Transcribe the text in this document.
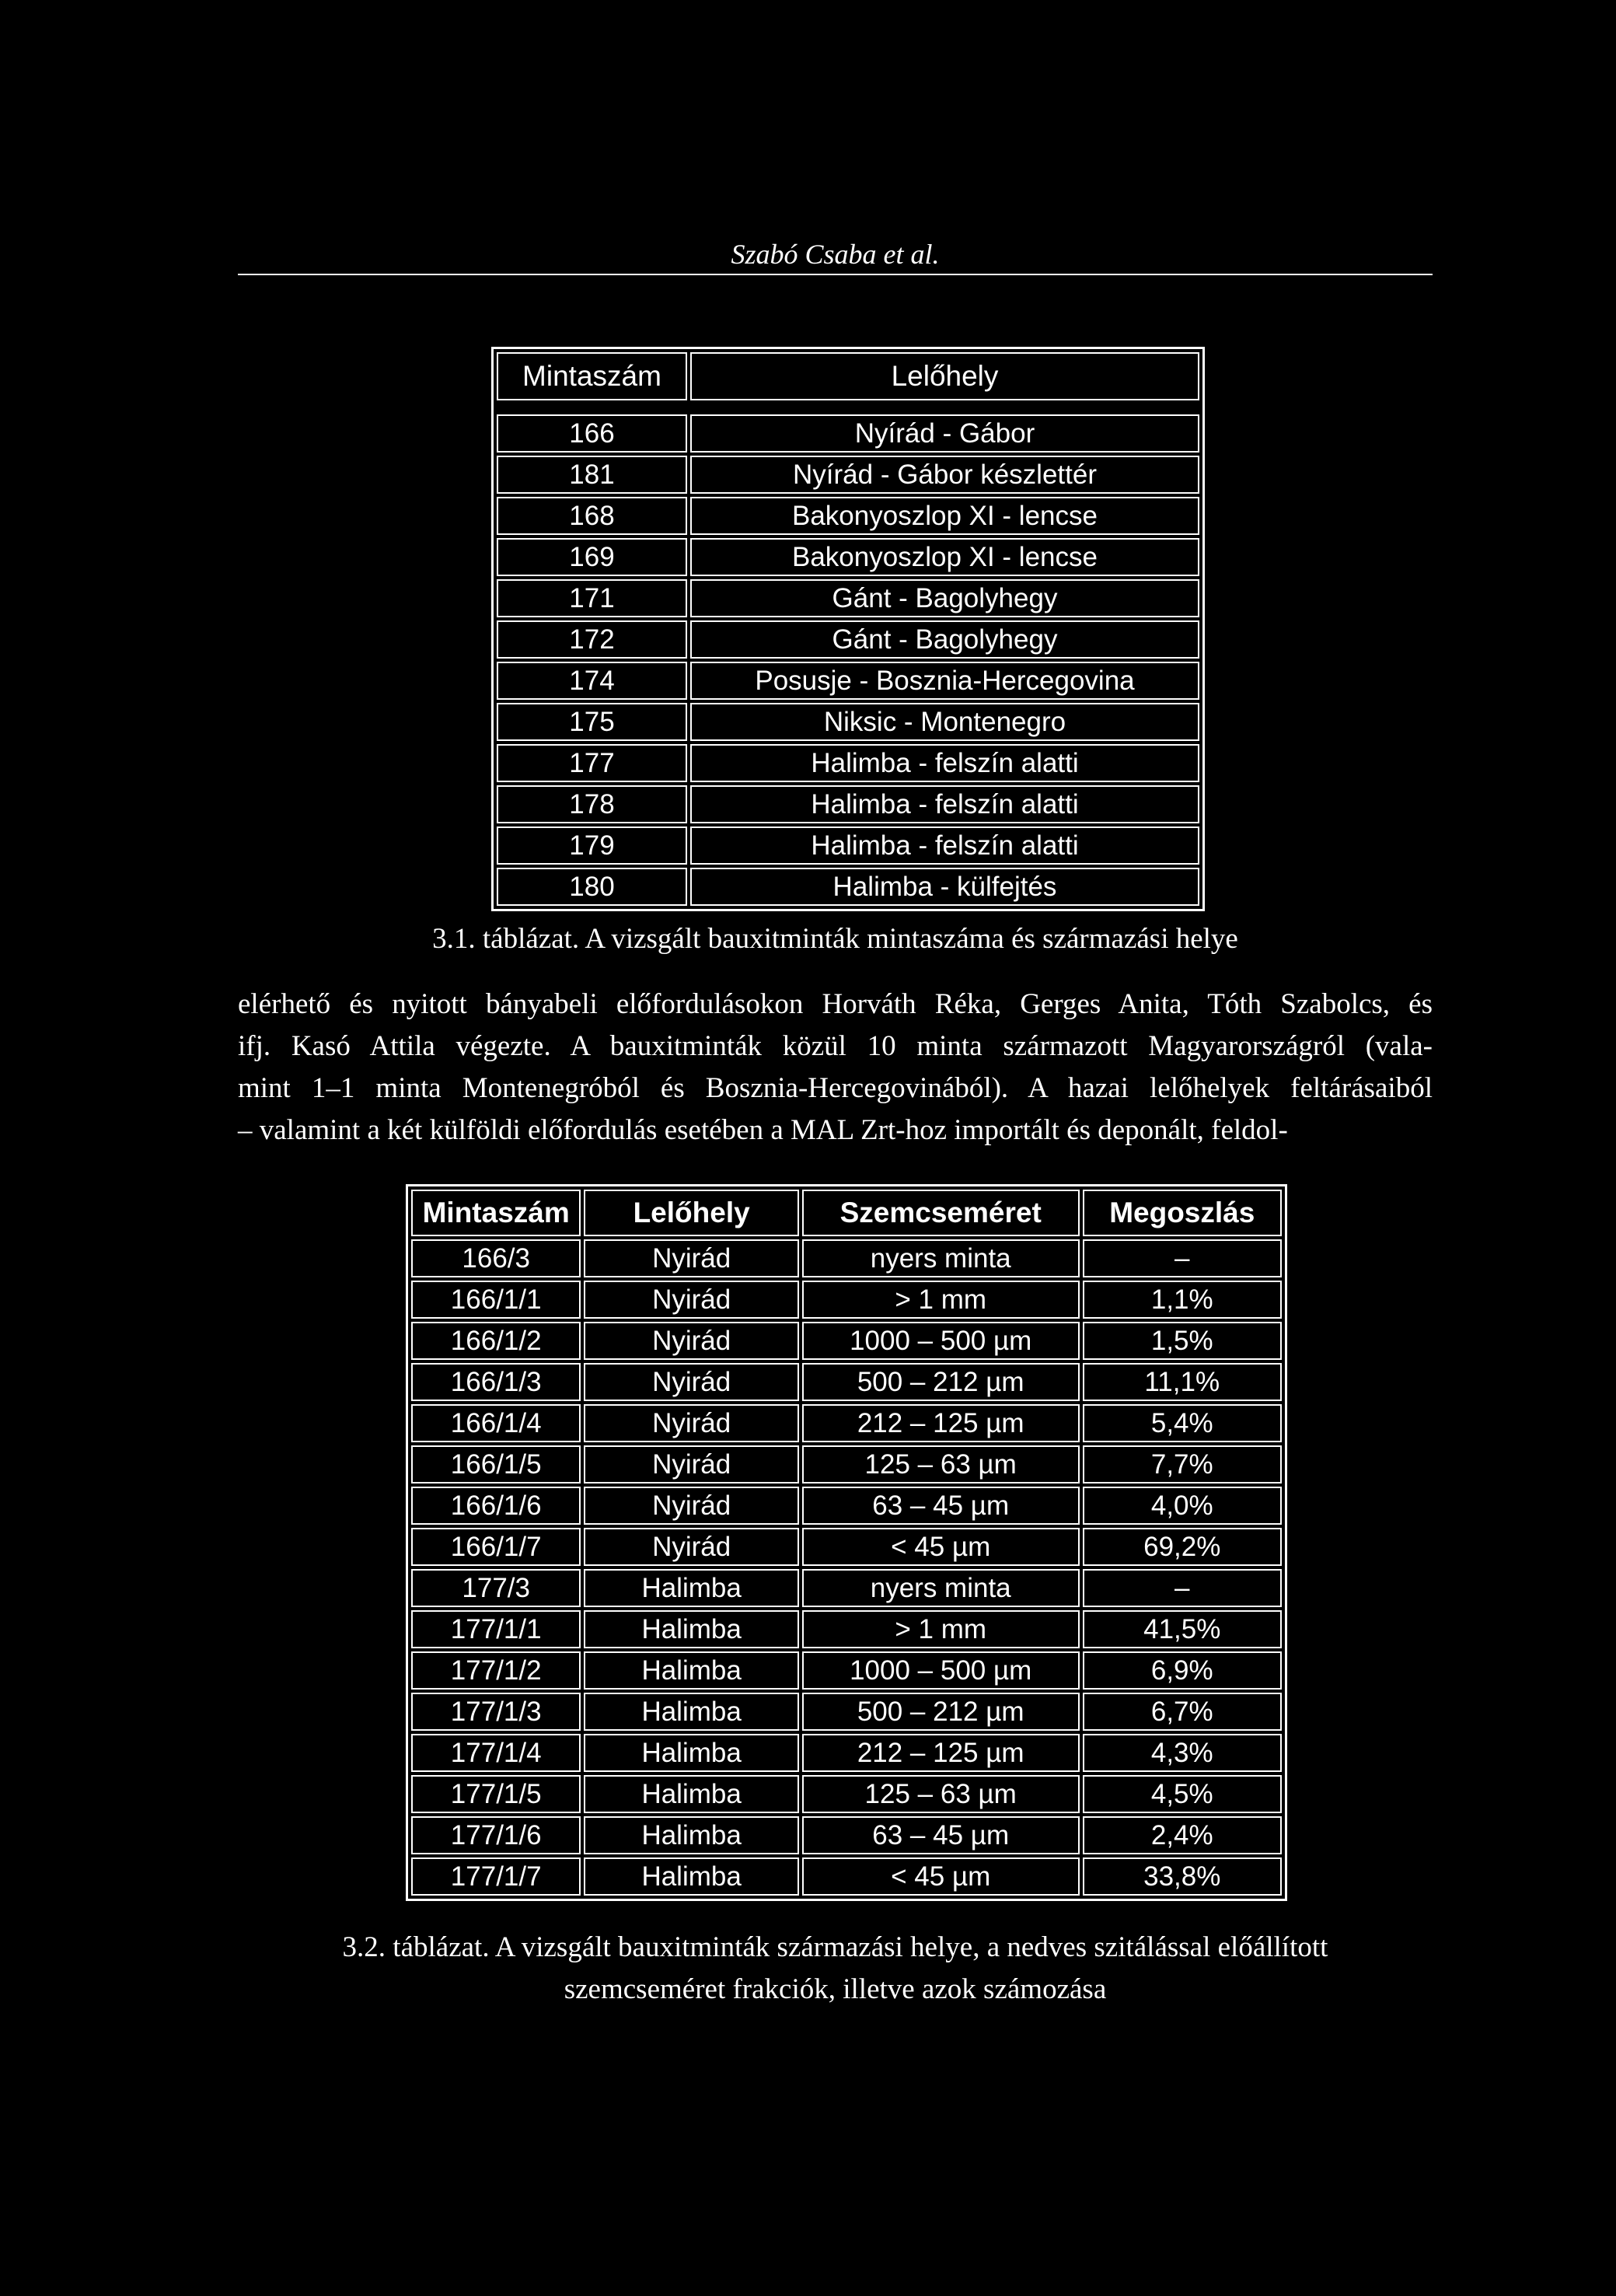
Szabó Csaba et al.
Mintaszám	Lelőhely

166	Nyírád - Gábor
181	Nyírád - Gábor készlettér
168	Bakonyoszlop XI - lencse
169	Bakonyoszlop XI - lencse
171	Gánt - Bagolyhegy
172	Gánt - Bagolyhegy
174	Posusje - Bosznia-Hercegovina
175	Niksic - Montenegro
177	Halimba - felszín alatti
178	Halimba - felszín alatti
179	Halimba - felszín alatti
180	Halimba - külfejtés
3.1. táblázat. A vizsgált bauxitminták mintaszáma és származási helye
elérhető és nyitott bányabeli előfordulásokon Horváth Réka, Gerges Anita, Tóth Szabolcs, és
ifj. Kasó Attila végezte. A bauxitminták közül 10 minta származott Magyarországról (vala-
mint 1–1 minta Montenegróból és Bosznia-Hercegovinából). A hazai lelőhelyek feltárásaiból
– valamint a két külföldi előfordulás esetében a MAL Zrt-hoz importált és deponált, feldol-
Mintaszám	Lelőhely	Szemcseméret	Megoszlás
166/3	Nyirád	nyers minta	–
166/1/1	Nyirád	> 1 mm	1,1%
166/1/2	Nyirád	1000 – 500 µm	1,5%
166/1/3	Nyirád	500 – 212 µm	11,1%
166/1/4	Nyirád	212 – 125 µm	5,4%
166/1/5	Nyirád	125 – 63 µm	7,7%
166/1/6	Nyirád	63 – 45 µm	4,0%
166/1/7	Nyirád	< 45 µm	69,2%
177/3	Halimba	nyers minta	–
177/1/1	Halimba	> 1 mm	41,5%
177/1/2	Halimba	1000 – 500 µm	6,9%
177/1/3	Halimba	500 – 212 µm	6,7%
177/1/4	Halimba	212 – 125 µm	4,3%
177/1/5	Halimba	125 – 63 µm	4,5%
177/1/6	Halimba	63 – 45 µm	2,4%
177/1/7	Halimba	< 45 µm	33,8%
3.2. táblázat. A vizsgált bauxitminták származási helye, a nedves szitálással előállított
szemcseméret frakciók, illetve azok számozása
